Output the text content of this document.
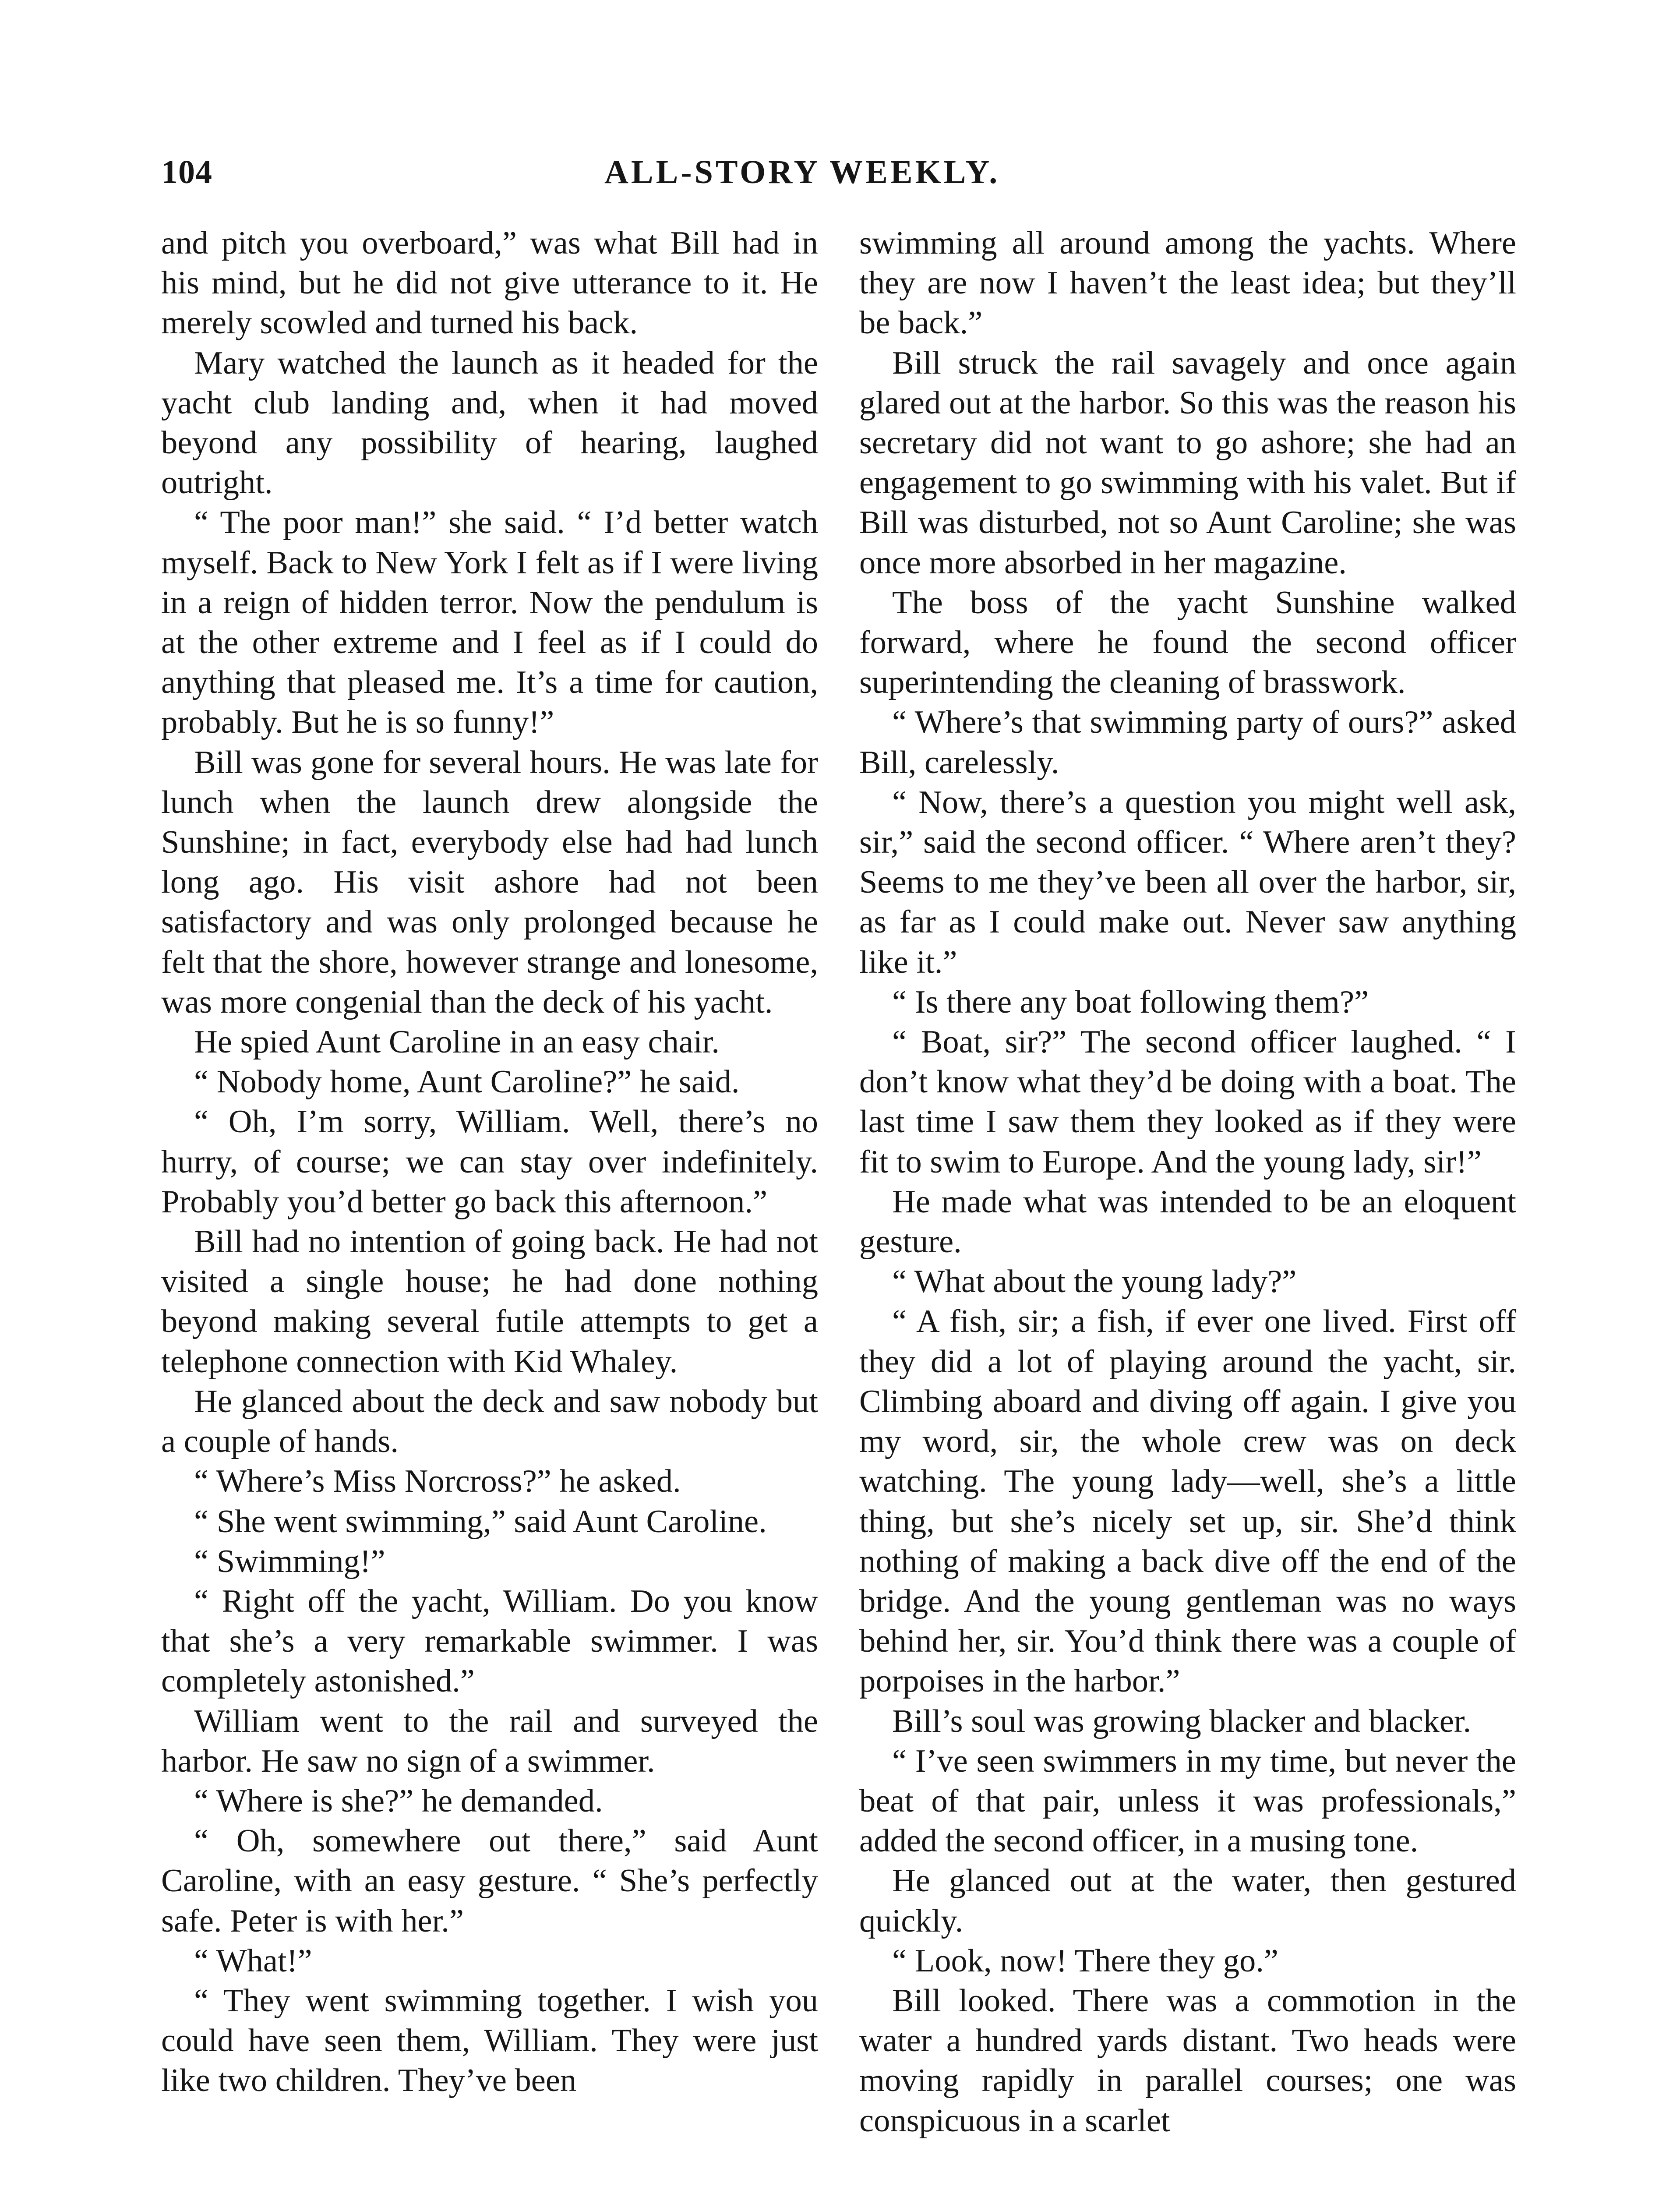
104	ALL-STORY WEEKLY.

and pitch you overboard,” was what Bill had in his mind, but he did not give utterance to it. He merely scowled and turned his back.

Mary watched the launch as it headed for the yacht club landing and, when it had moved beyond any possibility of hearing, laughed outright.

“ The poor man!” she said. “ I’d better watch myself. Back to New York I felt as if I were living in a reign of hidden terror. Now the pendulum is at the other extreme and I feel as if I could do anything that pleased me. It’s a time for caution, probably. But he is so funny!”

Bill was gone for several hours. He was late for lunch when the launch drew alongside the Sunshine; in fact, everybody else had had lunch long ago. His visit ashore had not been satisfactory and was only prolonged because he felt that the shore, however strange and lonesome, was more congenial than the deck of his yacht.

He spied Aunt Caroline in an easy chair.

“ Nobody home, Aunt Caroline?” he said.

“ Oh, I’m sorry, William. Well, there’s no hurry, of course; we can stay over indefinitely. Probably you’d better go back this afternoon.”

Bill had no intention of going back. He had not visited a single house; he had done nothing beyond making several futile attempts to get a telephone connection with Kid Whaley.

He glanced about the deck and saw nobody but a couple of hands.

“ Where’s Miss Norcross?” he asked.

“ She went swimming,” said Aunt Caroline.

“ Swimming!”

“ Right off the yacht, William. Do you know that she’s a very remarkable swimmer. I was completely astonished.”

William went to the rail and surveyed the harbor. He saw no sign of a swimmer.

“ Where is she?” he demanded.

“ Oh, somewhere out there,” said Aunt Caroline, with an easy gesture. “ She’s perfectly safe. Peter is with her.”

“ What!”

“ They went swimming together. I wish you could have seen them, William. They were just like two children. They’ve been

swimming all around among the yachts. Where they are now I haven’t the least idea; but they’ll be back.”

Bill struck the rail savagely and once again glared out at the harbor. So this was the reason his secretary did not want to go ashore; she had an engagement to go swimming with his valet. But if Bill was disturbed, not so Aunt Caroline; she was once more absorbed in her magazine.

The boss of the yacht Sunshine walked forward, where he found the second officer superintending the cleaning of brasswork.

“ Where’s that swimming party of ours?” asked Bill, carelessly.

“ Now, there’s a question you might well ask, sir,” said the second officer. “ Where aren’t they? Seems to me they’ve been all over the harbor, sir, as far as I could make out. Never saw anything like it.”

“ Is there any boat following them?”

“ Boat, sir?” The second officer laughed. “ I don’t know what they’d be doing with a boat. The last time I saw them they looked as if they were fit to swim to Europe. And the young lady, sir!”

He made what was intended to be an eloquent gesture.

“ What about the young lady?”

“ A fish, sir; a fish, if ever one lived. First off they did a lot of playing around the yacht, sir. Climbing aboard and diving off again. I give you my word, sir, the whole crew was on deck watching. The young lady—well, she’s a little thing, but she’s nicely set up, sir. She’d think nothing of making a back dive off the end of the bridge. And the young gentleman was no ways behind her, sir. You’d think there was a couple of porpoises in the harbor.”

Bill’s soul was growing blacker and blacker.

“ I’ve seen swimmers in my time, but never the beat of that pair, unless it was professionals,” added the second officer, in a musing tone.

He glanced out at the water, then gestured quickly.

“ Look, now! There they go.”

Bill looked. There was a commotion in the water a hundred yards distant. Two heads were moving rapidly in parallel courses; one was conspicuous in a scarlet
